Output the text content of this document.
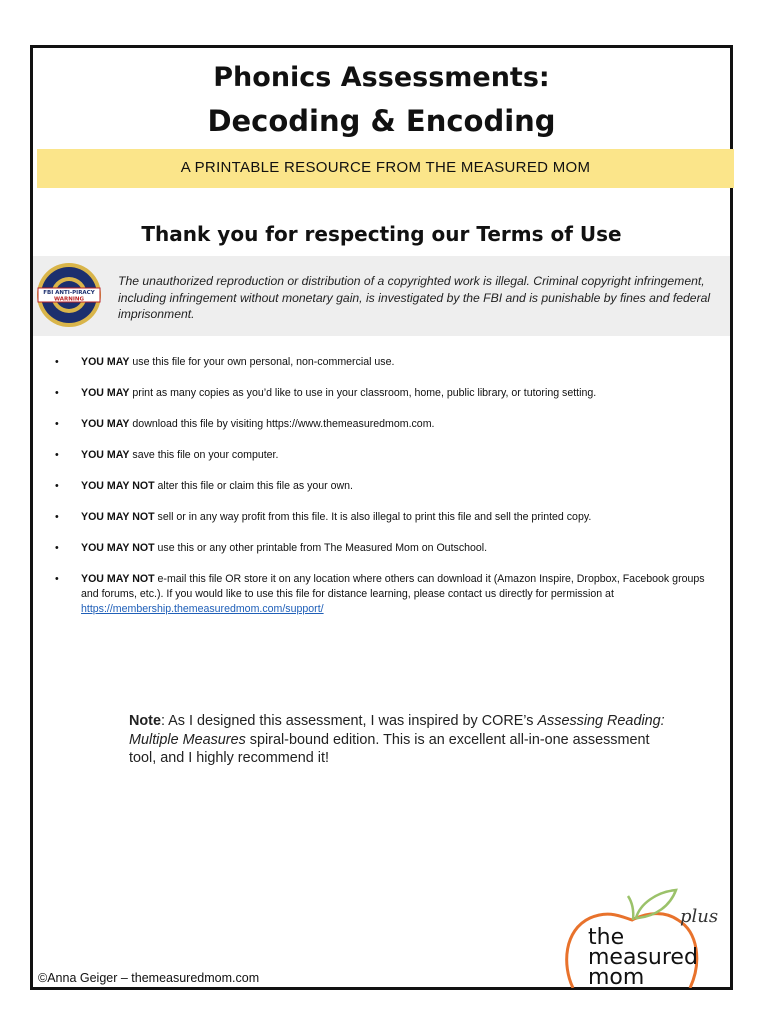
Phonics Assessments:
Decoding & Encoding
A PRINTABLE RESOURCE FROM THE MEASURED MOM
Thank you for respecting our Terms of Use
FBI ANTI-PIRACY
WARNING
The unauthorized reproduction or distribution of a copyrighted work is illegal. Criminal copyright infringement, including infringement without monetary gain, is investigated by the FBI and is punishable by fines and federal imprisonment.
• YOU MAY use this file for your own personal, non-commercial use.
• YOU MAY print as many copies as you’d like to use in your classroom, home, public library, or tutoring setting.
• YOU MAY download this file by visiting https://www.themeasuredmom.com.
• YOU MAY save this file on your computer.
• YOU MAY NOT alter this file or claim this file as your own.
• YOU MAY NOT sell or in any way profit from this file. It is also illegal to print this file and sell the printed copy.
• YOU MAY NOT use this or any other printable from The Measured Mom on Outschool.
• YOU MAY NOT e-mail this file OR store it on any location where others can download it (Amazon Inspire, Dropbox, Facebook groups and forums, etc.). If you would like to use this file for distance learning, please contact us directly for permission at https://membership.themeasuredmom.com/support/
Note: As I designed this assessment, I was inspired by CORE’s Assessing Reading: Multiple Measures spiral-bound edition. This is an excellent all-in-one assessment tool, and I highly recommend it!
©Anna Geiger – themeasuredmom.com
plus
the
measured
mom
